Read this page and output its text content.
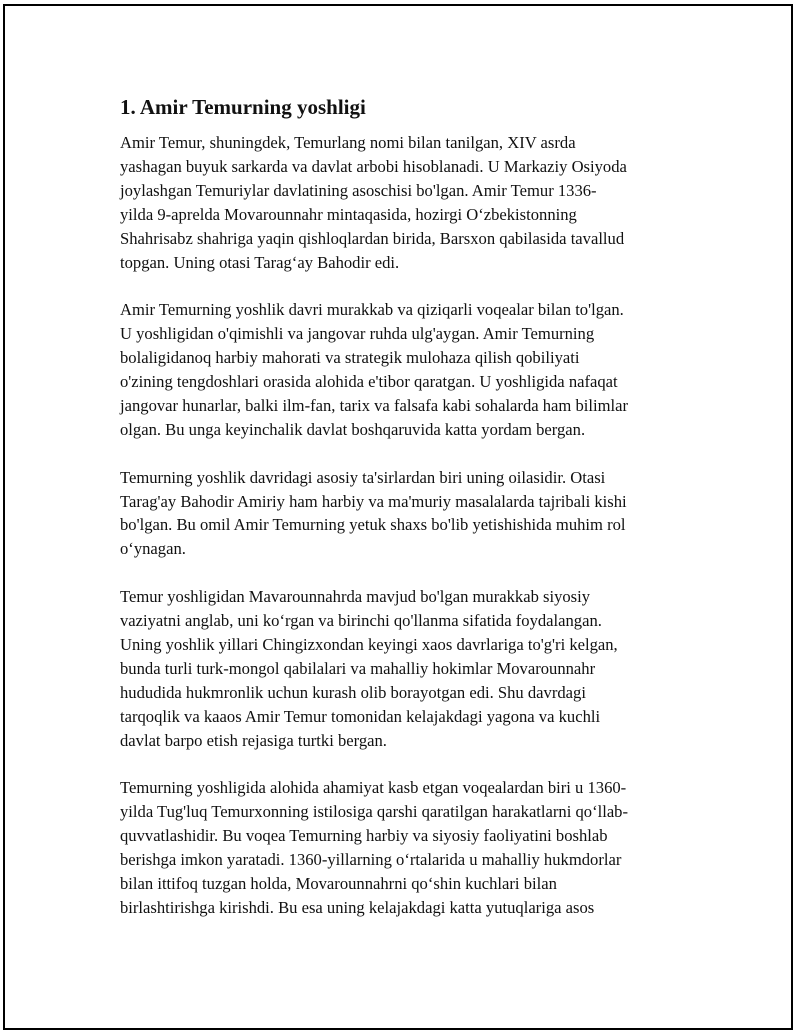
1. Amir Temurning yoshligi

Amir Temur, shuningdek, Temurlang nomi bilan tanilgan, XIV asrda
yashagan buyuk sarkarda va davlat arbobi hisoblanadi. U Markaziy Osiyoda
joylashgan Temuriylar davlatining asoschisi bo'lgan. Amir Temur 1336-
yilda 9-aprelda Movarounnahr mintaqasida, hozirgi O‘zbekistonning
Shahrisabz shahriga yaqin qishloqlardan birida, Barsxon qabilasida tavallud
topgan. Uning otasi Tarag‘ay Bahodir edi.

Amir Temurning yoshlik davri murakkab va qiziqarli voqealar bilan to'lgan.
U yoshligidan o'qimishli va jangovar ruhda ulg'aygan. Amir Temurning
bolaligidanoq harbiy mahorati va strategik mulohaza qilish qobiliyati
o'zining tengdoshlari orasida alohida e'tibor qaratgan. U yoshligida nafaqat
jangovar hunarlar, balki ilm-fan, tarix va falsafa kabi sohalarda ham bilimlar
olgan. Bu unga keyinchalik davlat boshqaruvida katta yordam bergan.

Temurning yoshlik davridagi asosiy ta'sirlardan biri uning oilasidir. Otasi
Tarag'ay Bahodir Amiriy ham harbiy va ma'muriy masalalarda tajribali kishi
bo'lgan. Bu omil Amir Temurning yetuk shaxs bo'lib yetishishida muhim rol
o‘ynagan.

Temur yoshligidan Mavarounnahrda mavjud bo'lgan murakkab siyosiy
vaziyatni anglab, uni ko‘rgan va birinchi qo'llanma sifatida foydalangan.
Uning yoshlik yillari Chingizxondan keyingi xaos davrlariga to'g'ri kelgan,
bunda turli turk-mongol qabilalari va mahalliy hokimlar Movarounnahr
hududida hukmronlik uchun kurash olib borayotgan edi. Shu davrdagi
tarqoqlik va kaaos Amir Temur tomonidan kelajakdagi yagona va kuchli
davlat barpo etish rejasiga turtki bergan.

Temurning yoshligida alohida ahamiyat kasb etgan voqealardan biri u 1360-
yilda Tug'luq Temurxonning istilosiga qarshi qaratilgan harakatlarni qo‘llab-
quvvatlashidir. Bu voqea Temurning harbiy va siyosiy faoliyatini boshlab
berishga imkon yaratadi. 1360-yillarning o‘rtalarida u mahalliy hukmdorlar
bilan ittifoq tuzgan holda, Movarounnahrni qo‘shin kuchlari bilan
birlashtirishga kirishdi. Bu esa uning kelajakdagi katta yutuqlariga asos
